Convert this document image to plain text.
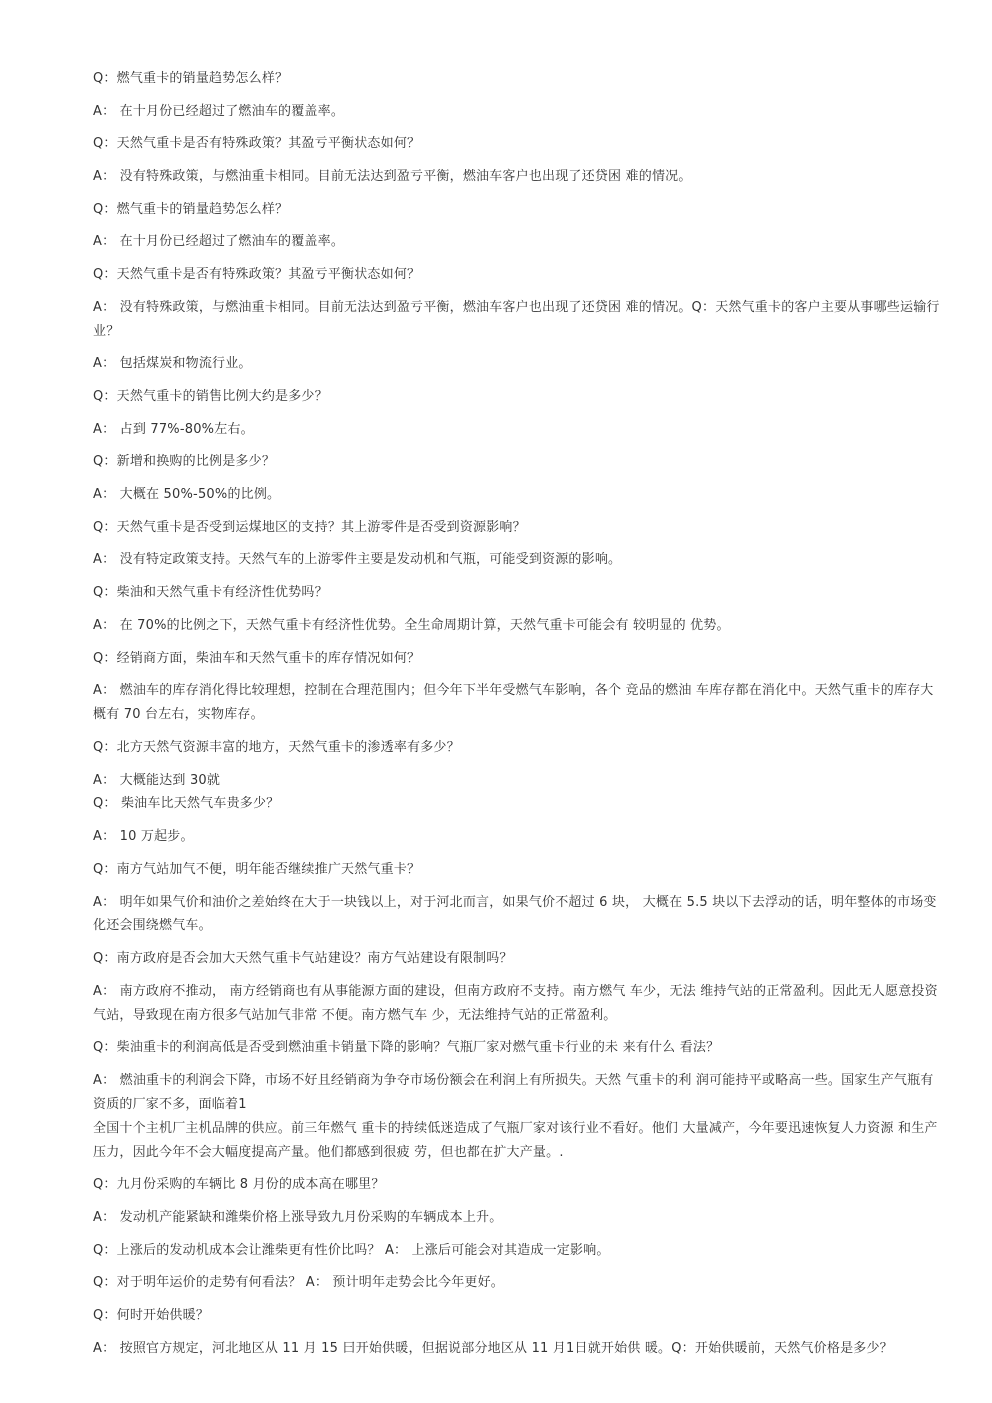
Q：燃气重卡的销量趋势怎么样？
A： 在十月份已经超过了燃油车的覆盖率。
Q：天然气重卡是否有特殊政策？其盈亏平衡状态如何？
A： 没有特殊政策，与燃油重卡相同。目前无法达到盈亏平衡，燃油车客户也出现了还贷困 难的情况。
Q：燃气重卡的销量趋势怎么样？
A： 在十月份已经超过了燃油车的覆盖率。
Q：天然气重卡是否有特殊政策？其盈亏平衡状态如何？
A： 没有特殊政策，与燃油重卡相同。目前无法达到盈亏平衡，燃油车客户也出现了还贷困 难的情况。Q：天然气重卡的客户主要从事哪些运输行
业？
A： 包括煤炭和物流行业。
Q：天然气重卡的销售比例大约是多少？
A： 占到 77%-80%左右。
Q：新增和换购的比例是多少？
A： 大概在 50%-50%的比例。
Q：天然气重卡是否受到运煤地区的支持？其上游零件是否受到资源影响？
A： 没有特定政策支持。天然气车的上游零件主要是发动机和气瓶，可能受到资源的影响。
Q：柴油和天然气重卡有经济性优势吗？
A： 在 70%的比例之下，天然气重卡有经济性优势。全生命周期计算，天然气重卡可能会有 较明显的 优势。
Q：经销商方面，柴油车和天然气重卡的库存情况如何？
A： 燃油车的库存消化得比较理想，控制在合理范围内；但今年下半年受燃气车影响，各个 竞品的燃油 车库存都在消化中。天然气重卡的库存大
概有 70 台左右，实物库存。
Q：北方天然气资源丰富的地方，天然气重卡的渗透率有多少？
A： 大概能达到 30就
Q： 柴油车比天然气车贵多少？
A： 10 万起步。
Q：南方气站加气不便，明年能否继续推广天然气重卡？
A： 明年如果气价和油价之差始终在大于一块钱以上，对于河北而言，如果气价不超过 6 块， 大概在 5.5 块以下去浮动的话，明年整体的市场变
化还会围绕燃气车。
Q：南方政府是否会加大天然气重卡气站建设？南方气站建设有限制吗？
A： 南方政府不推动， 南方经销商也有从事能源方面的建设，但南方政府不支持。南方燃气 车少，无法 维持气站的正常盈利。因此无人愿意投资
气站，导致现在南方很多气站加气非常 不便。南方燃气车 少，无法维持气站的正常盈利。
Q：柴油重卡的利润高低是否受到燃油重卡销量下降的影响？气瓶厂家对燃气重卡行业的未 来有什么 看法？
A： 燃油重卡的利润会下降，市场不好且经销商为争夺市场份额会在利润上有所损失。天然 气重卡的利 润可能持平或略高一些。国家生产气瓶有
资质的厂家不多，面临着1
全国十个主机厂主机品牌的供应。前三年燃气 重卡的持续低迷造成了气瓶厂家对该行业不看好。他们 大量减产，今年要迅速恢复人力资源 和生产
压力，因此今年不会大幅度提高产量。他们都感到很疲 劳，但也都在扩大产量。.
Q：九月份采购的车辆比 8 月份的成本高在哪里？
A： 发动机产能紧缺和潍柴价格上涨导致九月份采购的车辆成本上升。
Q：上涨后的发动机成本会让潍柴更有性价比吗？ A： 上涨后可能会对其造成一定影响。
Q：对于明年运价的走势有何看法？ A： 预计明年走势会比今年更好。
Q：何时开始供暖？
A： 按照官方规定，河北地区从 11 月 15 曰开始供暖，但据说部分地区从 11 月1日就开始供 暖。Q：开始供暖前，天然气价格是多少？
